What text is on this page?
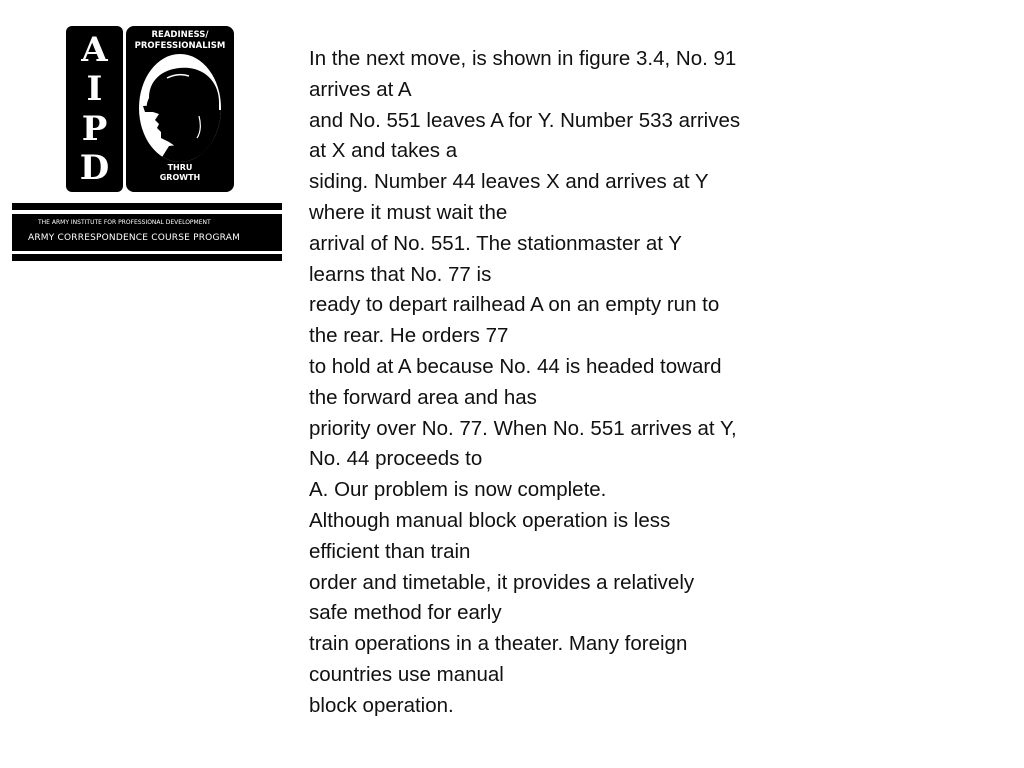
A
I
P
D
READINESS/
PROFESSIONALISM
THRU
GROWTH
THE ARMY INSTITUTE FOR PROFESSIONAL DEVELOPMENT
ARMY CORRESPONDENCE COURSE PROGRAM
In the next move, is shown in figure 3.4, No. 91
arrives at A
and No. 551 leaves A for Y. Number 533 arrives
at X and takes a
siding. Number 44 leaves X and arrives at Y
where it must wait the
arrival of No. 551. The stationmaster at Y
learns that No. 77 is
ready to depart railhead A on an empty run to
the rear. He orders 77
to hold at A because No. 44 is headed toward
the forward area and has
priority over No. 77. When No. 551 arrives at Y,
No. 44 proceeds to
A. Our problem is now complete.
Although manual block operation is less
efficient than train
order and timetable, it provides a relatively
safe method for early
train operations in a theater. Many foreign
countries use manual
block operation.
